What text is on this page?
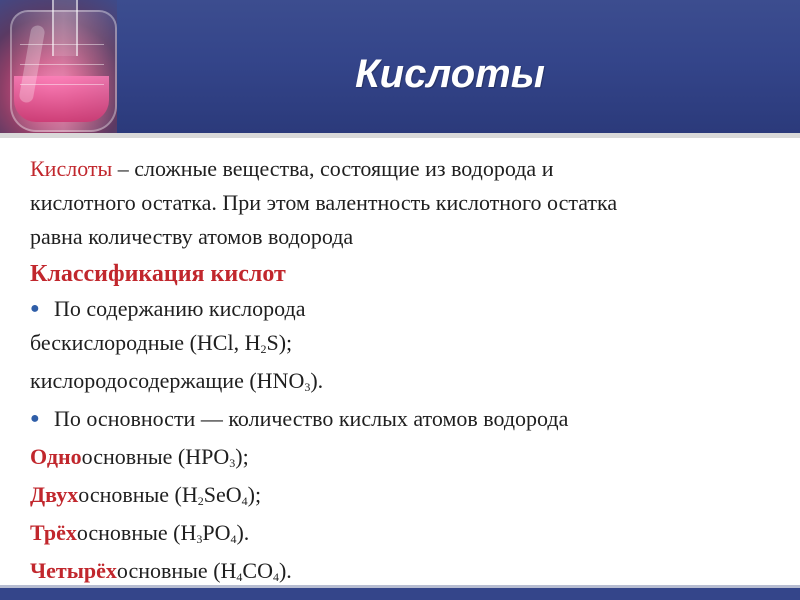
Кислоты
Кислоты – сложные вещества, состоящие из водорода и
кислотного остатка. При этом валентность кислотного остатка
равна количеству атомов водорода
Классификация кислот
● По содержанию кислорода
бескислородные (HCl, $H_2S$);
кислородосодержащие $(HNO_3)$.
● По основности — количество кислых атомов водорода
Одноосновные $(HPO_3)$;
Двухосновные $(H_2SeO_4)$;
Трёхосновные $(H_3PO_4)$.
Четырёхосновные $(H_4CO_4)$.
